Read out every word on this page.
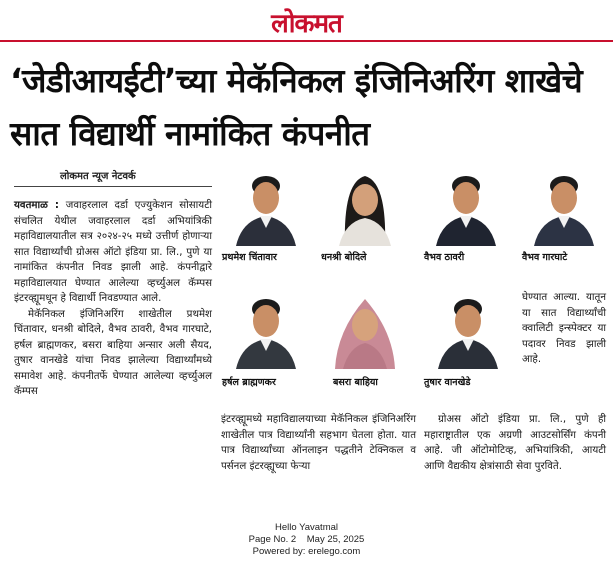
लोकमत
‘जेडीआयईटी’च्या मेकॅनिकल इंजिनिअरिंग शाखेचे सात विद्यार्थी नामांकित कंपनीत
लोकमत न्यूज नेटवर्क

यवतमाळ : जवाहरलाल दर्डा एज्युकेशन सोसायटी संचलित येथील जवाहरलाल दर्डा अभियांत्रिकी महाविद्यालयातील सत्र २०२४-२५ मध्ये उत्तीर्ण होणाऱ्या सात विद्यार्थ्यांची ग्रोअस ऑटो इंडिया प्रा. लि., पुणे या नामांकित कंपनीत निवड झाली आहे. कंपनीद्वारे महाविद्यालयात घेण्यात आलेल्या व्हर्च्युअल कॅम्पस इंटरव्ह्यूमधून हे विद्यार्थी निवडण्यात आले.

मेकॅनिकल इंजिनिअरिंग शाखेतील प्रथमेश चिंतावार, धनश्री बोदिले, वैभव ठावरी, वैभव गारघाटे, हर्षल ब्राह्मणकर, बसरा बाहिया अन्सार अली सैयद, तुषार वानखेडे यांचा निवड झालेल्या विद्यार्थ्यांमध्ये समावेश आहे. कंपनीतर्फे घेण्यात आलेल्या व्हर्च्युअल कॅम्पस

इंटरव्ह्यूमध्ये महाविद्यालयाच्या मेकॅनिकल इंजिनिअरिंग शाखेतील पात्र विद्यार्थ्यांनी सहभाग घेतला होता. यात पात्र विद्यार्थ्यांच्या ऑनलाइन पद्धतीने टेक्निकल व पर्सनल इंटरव्ह्यूच्या फेऱ्या

घेण्यात आल्या. यातून या सात विद्यार्थ्यांची क्वालिटी इन्स्पेक्टर या पदावर निवड झाली आहे.

ग्रोअस ऑटो इंडिया प्रा. लि., पुणे ही महाराष्ट्रातील एक अग्रणी आउटसोर्सिंग कंपनी आहे. जी ऑटोमोटिव्ह, अभियांत्रिकी, आयटी आणि वैद्यकीय क्षेत्रांसाठी सेवा पुरविते.

प्रथमेश चिंतावार	धनश्री बोदिले	वैभव ठावरी	वैभव गारघाटे
हर्षल ब्राह्मणकर	बसरा बाहिया	तुषार वानखेडे
Hello Yavatmal
Page No. 2    May 25, 2025
Powered by: erelego.com
